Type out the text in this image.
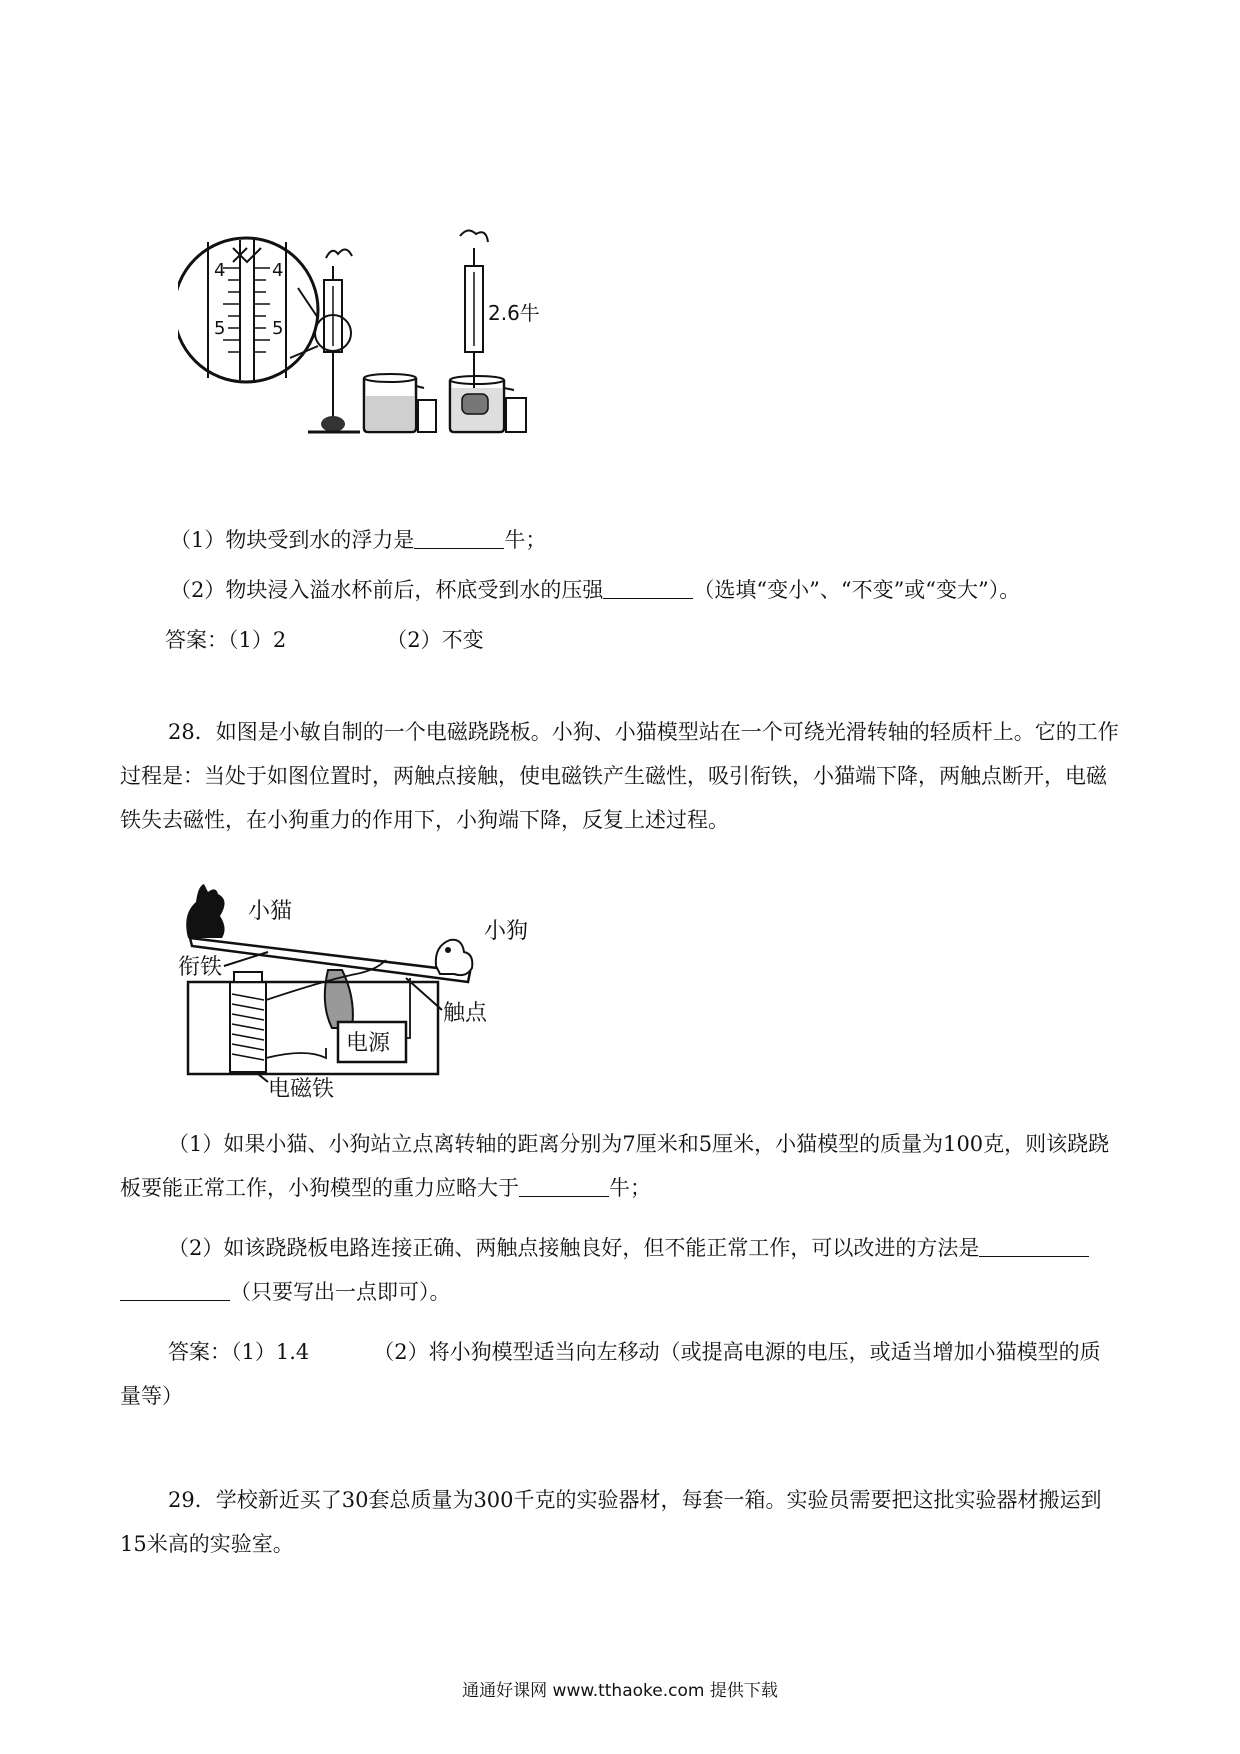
2.6牛
4	4
5	5
（1）物块受到水的浮力是	牛；
（2）物块浸入溢水杯前后，杯底受到水的压强	（选填“变小”、“不变”或“变大”）。
答案：（1）2	（2）不变
28．如图是小敏自制的一个电磁跷跷板。小狗、小猫模型站在一个可绕光滑转轴的轻质杆上。它的工作过程是：当处于如图位置时，两触点接触，使电磁铁产生磁性，吸引衔铁，小猫端下降，两触点断开，电磁铁失去磁性，在小狗重力的作用下，小狗端下降，反复上述过程。
小猫
小狗
衔铁
电源
触点
电磁铁
（1）如果小猫、小狗站立点离转轴的距离分别为7厘米和5厘米，小猫模型的质量为100克，则该跷跷板要能正常工作，小狗模型的重力应略大于	牛；
（2）如该跷跷板电路连接正确、两触点接触良好，但不能正常工作，可以改进的方法是（只要写出一点即可）。
答案：（1）1.4	（2）将小狗模型适当向左移动（或提高电源的电压，或适当增加小猫模型的质量等）
29．学校新近买了30套总质量为300千克的实验器材，每套一箱。实验员需要把这批实验器材搬运到15米高的实验室。
通通好课网 www.tthaoke.com 提供下载
